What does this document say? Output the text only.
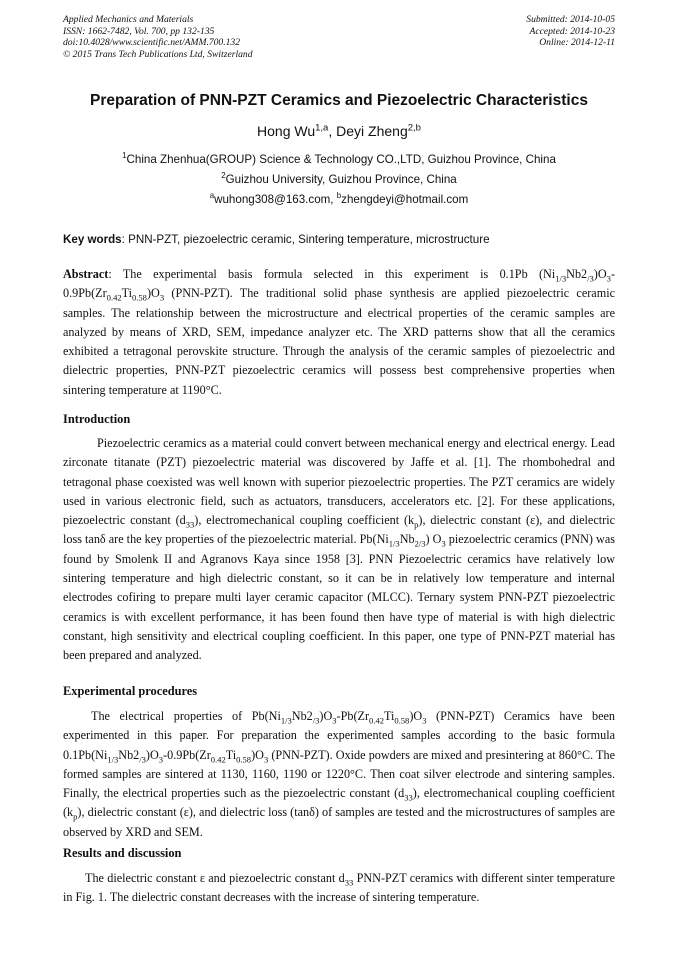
Applied Mechanics and Materials
ISSN: 1662-7482, Vol. 700, pp 132-135
doi:10.4028/www.scientific.net/AMM.700.132
© 2015 Trans Tech Publications Ltd, Switzerland
Submitted: 2014-10-05
Accepted: 2014-10-23
Online: 2014-12-11
Preparation of PNN-PZT Ceramics and Piezoelectric Characteristics
Hong Wu$^{1,a}$, Deyi Zheng$^{2,b}$
$^1$China Zhenhua(GROUP) Science & Technology CO.,LTD, Guizhou Province, China
$^2$Guizhou University, Guizhou Province, China
$^a$wuhong308@163.com, $^b$zhengdeyi@hotmail.com
Key words: PNN-PZT, piezoelectric ceramic, Sintering temperature, microstructure
Abstract: The experimental basis formula selected in this experiment is 0.1Pb $(Ni_{1/3}Nb2_{/3})O_3-0.9Pb(Zr_{0.42}Ti_{0.58})O_3$ (PNN-PZT). The traditional solid phase synthesis are applied piezoelectric ceramic samples. The relationship between the microstructure and electrical properties of the ceramic samples are analyzed by means of XRD, SEM, impedance analyzer etc. The XRD patterns show that all the ceramics exhibited a tetragonal perovskite structure. Through the analysis of the ceramic samples of piezoelectric and dielectric properties, PNN-PZT piezoelectric ceramics will possess best comprehensive properties when sintering temperature at 1190°C.
Introduction
Piezoelectric ceramics as a material could convert between mechanical energy and electrical energy. Lead zirconate titanate (PZT) piezoelectric material was discovered by Jaffe et al. [1]. The rhombohedral and tetragonal phase coexisted was well known with superior piezoelectric properties. The PZT ceramics are widely used in various electronic field, such as actuators, transducers, accelerators etc. [2]. For these applications, piezoelectric constant $(d_{33})$, electromechanical coupling coefficient $(k_p)$, dielectric constant (ε), and dielectric loss tanδ are the key properties of the piezoelectric material. $Pb(Ni_{1/3}Nb_{2/3})$ $O_3$ piezoelectric ceramics (PNN) was found by Smolenk II and Agranovs Kaya since 1958 [3]. PNN Piezoelectric ceramics have relatively low sintering temperature and high dielectric constant, so it can be in relatively low temperature and internal electrodes cofiring to prepare multi layer ceramic capacitor (MLCC). Ternary system PNN-PZT piezoelectric ceramics is with excellent performance, it has been found then have type of material is with high dielectric constant, high sensitivity and electrical coupling coefficient. In this paper, one type of PNN-PZT material has been prepared and analyzed.
Experimental procedures
The electrical properties of $Pb(Ni_{1/3}Nb2_{/3})O_3-Pb(Zr_{0.42}Ti_{0.58})O_3$ (PNN-PZT) Ceramics have been experimented in this paper. For preparation the experimented samples according to the basic formula $0.1Pb(Ni_{1/3}Nb2_{/3})O_3-0.9Pb(Zr_{0.42}Ti_{0.58})O_3$ (PNN-PZT). Oxide powders are mixed and presintering at 860°C. The formed samples are sintered at 1130, 1160, 1190 or 1220°C. Then coat silver electrode and sintering samples. Finally, the electrical properties such as the piezoelectric constant $(d_{33})$, electromechanical coupling coefficient $(k_p)$, dielectric constant (ε), and dielectric loss (tanδ) of samples are tested and the microstructures of samples are observed by XRD and SEM.
Results and discussion
The dielectric constant ε and piezoelectric constant $d_{33}$ PNN-PZT ceramics with different sinter temperature in Fig. 1. The dielectric constant decreases with the increase of sintering temperature.
